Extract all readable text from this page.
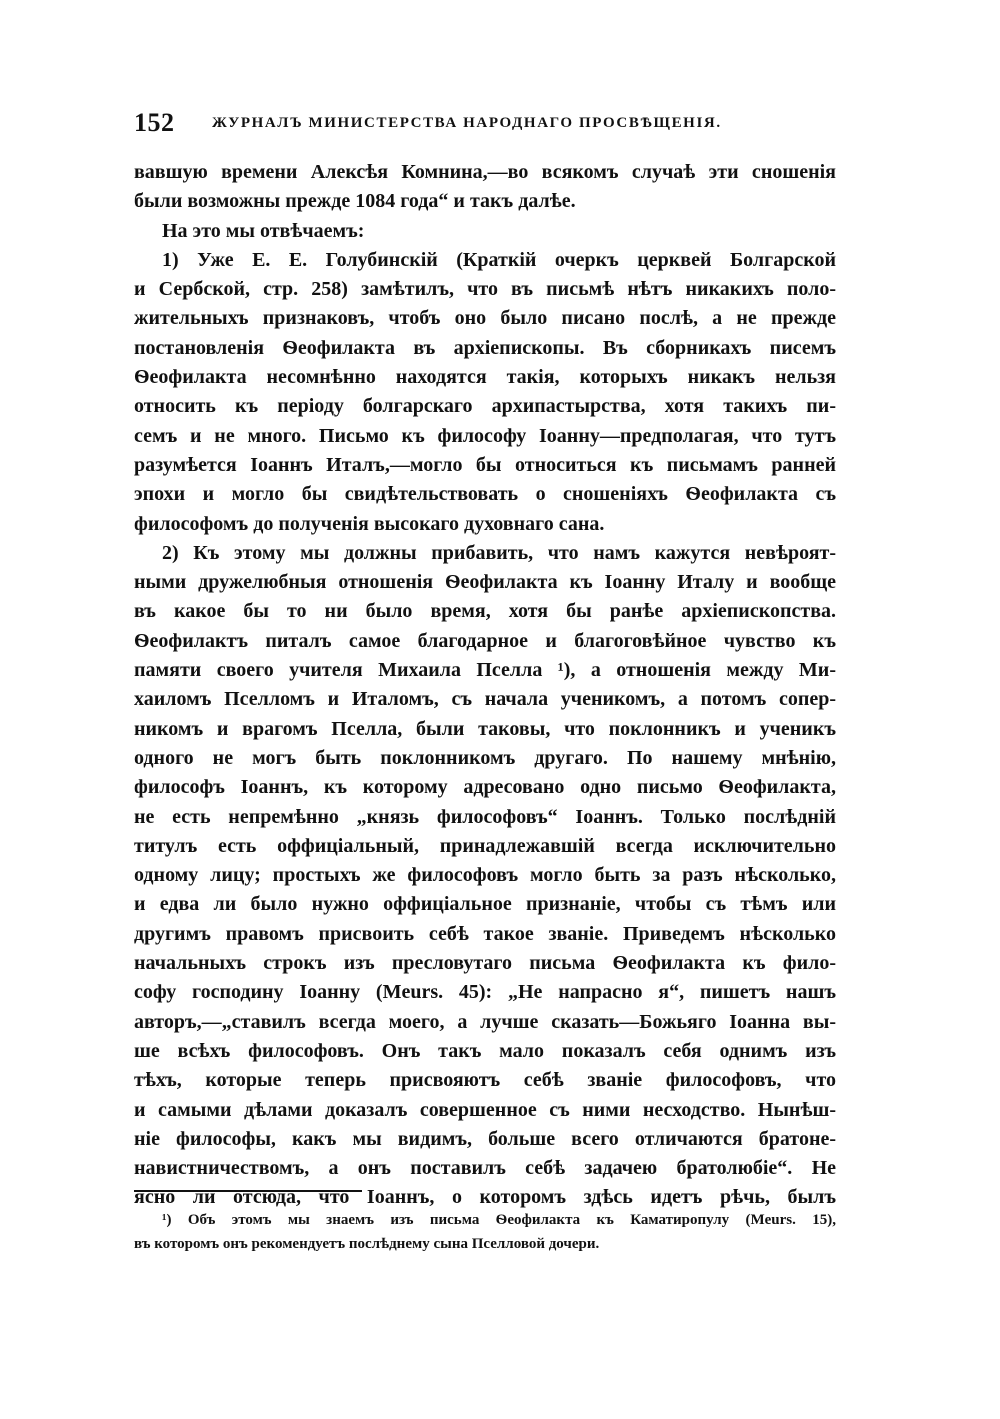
152	ЖУРНАЛЪ МИНИСТЕРСТВА НАРОДНАГО ПРОСВѢЩЕНІЯ.
вавшую времени Алексѣя Комнина,—во всякомъ случаѣ эти сношенія
были возможны прежде 1084 года“ и такъ далѣе.
На это мы отвѣчаемъ:
1) Уже Е. Е. Голубинскій (Краткій очеркъ церквей Болгарской
и Сербской, стр. 258) замѣтилъ, что въ письмѣ нѣтъ никакихъ поло-
жительныхъ признаковъ, чтобъ оно было писано послѣ, а не прежде
постановленія Ѳеофилакта въ архіепископы. Въ сборникахъ писемъ
Ѳеофилакта несомнѣнно находятся такія, которыхъ никакъ нельзя
относить къ періоду болгарскаго архипастырства, хотя такихъ пи-
семъ и не много. Письмо къ философу Іоанну—предполагая, что тутъ
разумѣется Іоаннъ Италъ,—могло бы относиться къ письмамъ ранней
эпохи и могло бы свидѣтельствовать о сношеніяхъ Ѳеофилакта съ
философомъ до полученія высокаго духовнаго сана.
2) Къ этому мы должны прибавить, что намъ кажутся невѣроят-
ными дружелюбныя отношенія Ѳеофилакта къ Іоанну Италу и вообще
въ какое бы то ни было время, хотя бы ранѣе архіепископства.
Ѳеофилактъ питалъ самое благодарное и благоговѣйное чувство къ
памяти своего учителя Михаила Пселла ¹), а отношенія между Ми-
хаиломъ Пселломъ и Италомъ, съ начала ученикомъ, а потомъ сопер-
никомъ и врагомъ Пселла, были таковы, что поклонникъ и ученикъ
одного не могъ быть поклонникомъ другаго. По нашему мнѣнію,
философъ Іоаннъ, къ которому адресовано одно письмо Ѳеофилакта,
не есть непремѣнно „князь философовъ“ Іоаннъ. Только послѣдній
титулъ есть оффиціальный, принадлежавшій всегда исключительно
одному лицу; простыхъ же философовъ могло быть за разъ нѣсколько,
и едва ли было нужно оффиціальное признаніе, чтобы съ тѣмъ или
другимъ правомъ присвоить себѣ такое званіе. Приведемъ нѣсколько
начальныхъ строкъ изъ пресловутаго письма Ѳеофилакта къ фило-
софу господину Іоанну (Meurs. 45): „Не напрасно я“, пишетъ нашъ
авторъ,—„ставилъ всегда моего, а лучше сказать—Божьяго Іоанна вы-
ше всѣхъ философовъ. Онъ такъ мало показалъ себя однимъ изъ
тѣхъ, которые теперь присвояютъ себѣ званіе философовъ, что
и самыми дѣлами доказалъ совершенное съ ними несходство. Нынѣш-
ніе философы, какъ мы видимъ, больше всего отличаются братоне-
навистничествомъ, а онъ поставилъ себѣ задачею братолюбіе“. Не
ясно ли отсюда, что Іоаннъ, о которомъ здѣсь идетъ рѣчь, былъ
¹) Объ этомъ мы знаемъ изъ письма Ѳеофилакта къ Каматиропулу (Meurs. 15),
въ которомъ онъ рекомендуетъ послѣднему сына Пселловой дочери.
